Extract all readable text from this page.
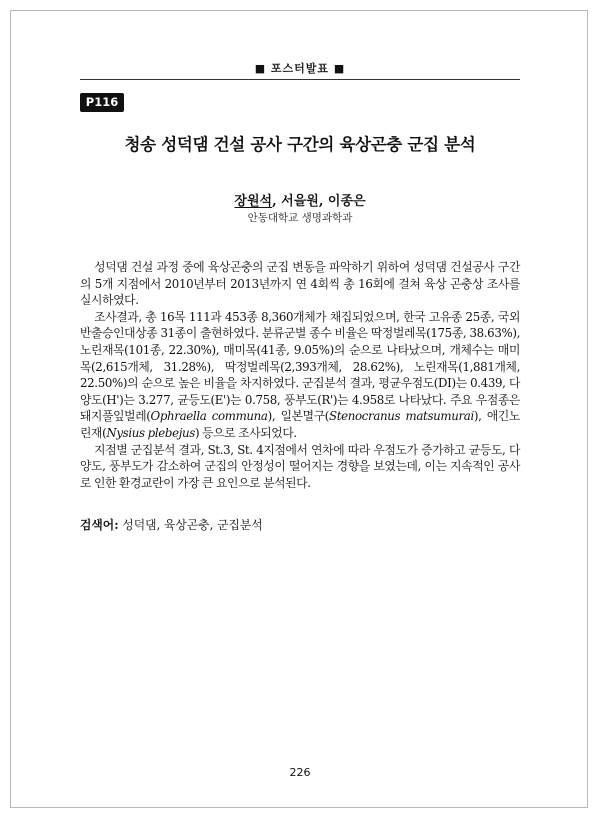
■ 포스터발표 ■
P116
청송 성덕댐 건설 공사 구간의 육상곤충 군집 분석
장원석, 서을원, 이종은
안동대학교 생명과학과

성덕댐 건설 과정 중에 육상곤충의 군집 변동을 파악하기 위하여 성덕댐 건설공사 구간의 5개 지점에서 2010년부터 2013년까지 연 4회씩 총 16회에 걸쳐 육상 곤충상 조사를 실시하였다.

조사결과, 총 16목 111과 453종 8,360개체가 채집되었으며, 한국 고유종 25종, 국외반출승인대상종 31종이 출현하였다. 분류군별 종수 비율은 딱정벌레목(175종, 38.63%), 노린재목(101종, 22.30%), 매미목(41종, 9.05%)의 순으로 나타났으며, 개체수는 매미목(2,615개체, 31.28%), 딱정벌레목(2,393개체, 28.62%), 노린재목(1,881개체, 22.50%)의 순으로 높은 비율을 차지하였다. 군집분석 결과, 평균우점도(DI)는 0.439, 다양도(H')는 3.277, 균등도(E')는 0.758, 풍부도(R')는 4.958로 나타났다. 주요 우점종은 돼지풀잎벌레(Ophraella communa), 일본멸구(Stenocranus matsumurai), 애긴노린재(Nysius plebejus) 등으로 조사되었다.

지점별 군집분석 결과, St.3, St. 4지점에서 연차에 따라 우점도가 증가하고 균등도, 다양도, 풍부도가 감소하여 군집의 안정성이 떨어지는 경향을 보였는데, 이는 지속적인 공사로 인한 환경교란이 가장 큰 요인으로 분석된다.

검색어: 성덕댐, 육상곤충, 군집분석
226
